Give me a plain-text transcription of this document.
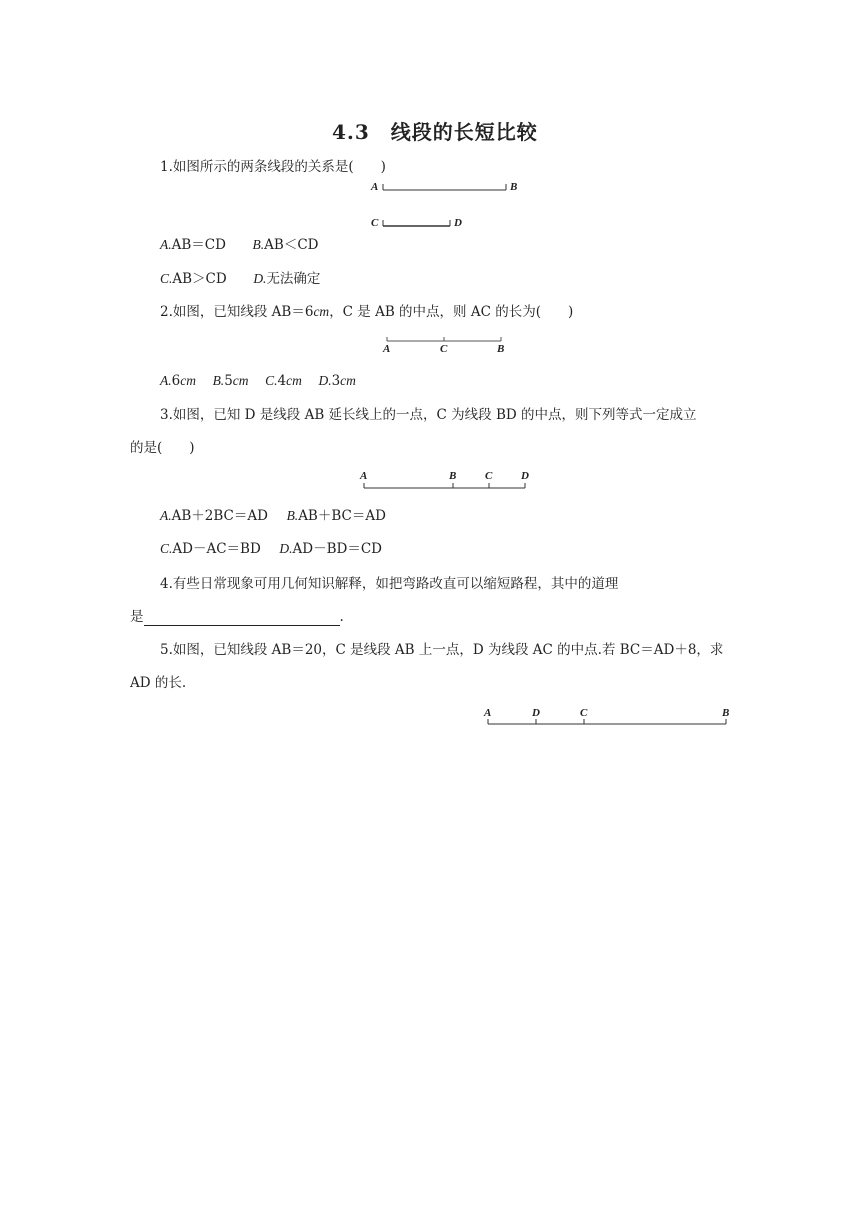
4.3　线段的长短比较
1.如图所示的两条线段的关系是(　　)
A	B
C	D
A.AB＝CD B.AB＜CD
C.AB＞CD D.无法确定
2.如图，已知线段 AB＝6cm，C 是 AB 的中点，则 AC 的长为(　　)
A	C	B
A.6cm B.5cm C.4cm D.3cm
3.如图，已知 D 是线段 AB 延长线上的一点，C 为线段 BD 的中点，则下列等式一定成立
的是(　　)
A	B	C	D
A.AB＋2BC＝AD B.AB＋BC＝AD
C.AD－AC＝BD D.AD－BD＝CD
4.有些日常现象可用几何知识解释，如把弯路改直可以缩短路程，其中的道理
是	.
5.如图，已知线段 AB＝20，C 是线段 AB 上一点，D 为线段 AC 的中点.若 BC＝AD＋8，求
AD 的长.
A	D	C	B
